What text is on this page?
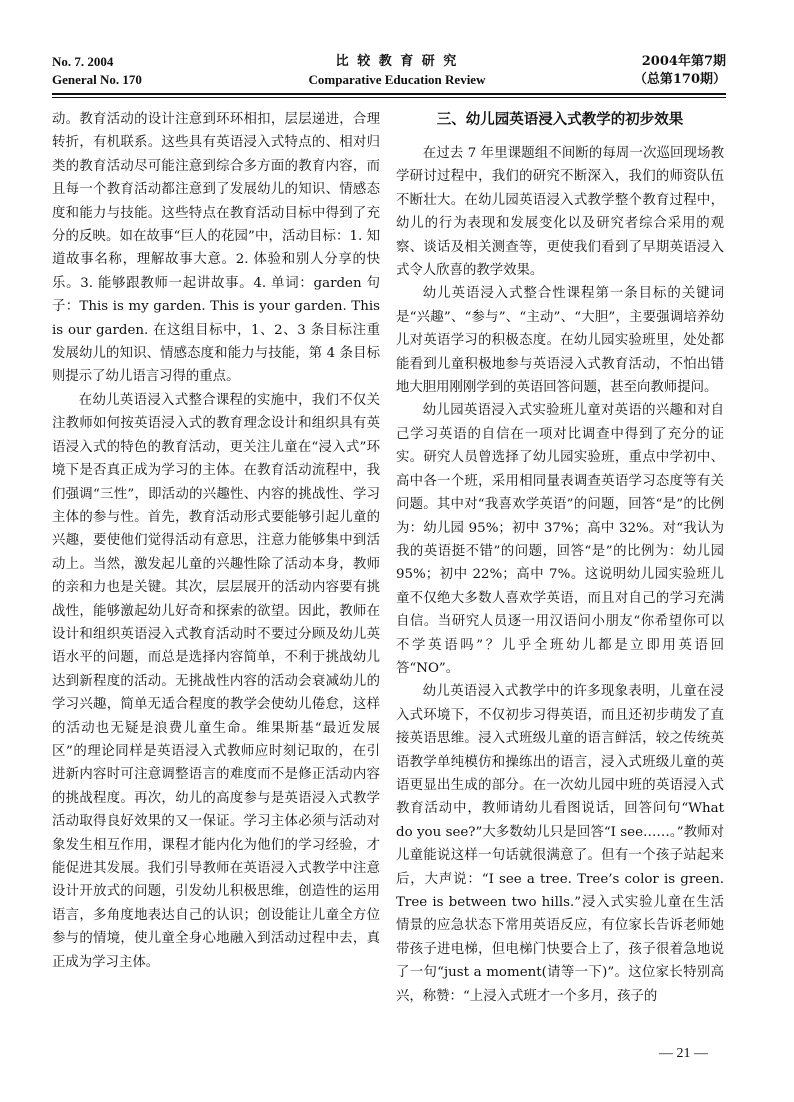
No. 7. 2004
General No. 170
比 较 教 育 研 究
Comparative Education Review
2004年第7期
（总第170期）

动。教育活动的设计注意到环环相扣，层层递进，合理转折，有机联系。这些具有英语浸入式特点的、相对归类的教育活动尽可能注意到综合多方面的教育内容，而且每一个教育活动都注意到了发展幼儿的知识、情感态度和能力与技能。这些特点在教育活动目标中得到了充分的反映。如在故事“巨人的花园”中，活动目标：1. 知道故事名称，理解故事大意。2. 体验和别人分享的快乐。3. 能够跟教师一起讲故事。4. 单词：garden 句子：This is my garden. This is your garden. This is our garden. 在这组目标中，1、2、3 条目标注重发展幼儿的知识、情感态度和能力与技能，第 4 条目标则提示了幼儿语言习得的重点。

在幼儿英语浸入式整合课程的实施中，我们不仅关注教师如何按英语浸入式的教育理念设计和组织具有英语浸入式的特色的教育活动，更关注儿童在“浸入式”环境下是否真正成为学习的主体。在教育活动流程中，我们强调“三性”，即活动的兴趣性、内容的挑战性、学习主体的参与性。首先，教育活动形式要能够引起儿童的兴趣，要使他们觉得活动有意思，注意力能够集中到活动上。当然，激发起儿童的兴趣性除了活动本身，教师的亲和力也是关键。其次，层层展开的活动内容要有挑战性，能够激起幼儿好奇和探索的欲望。因此，教师在设计和组织英语浸入式教育活动时不要过分顾及幼儿英语水平的问题，而总是选择内容简单，不利于挑战幼儿达到新程度的活动。无挑战性内容的活动会衰减幼儿的学习兴趣，简单无适合程度的教学会使幼儿倦怠，这样的活动也无疑是浪费儿童生命。维果斯基“最近发展区”的理论同样是英语浸入式教师应时刻记取的，在引进新内容时可注意调整语言的难度而不是修正活动内容的挑战程度。再次，幼儿的高度参与是英语浸入式教学活动取得良好效果的又一保证。学习主体必须与活动对象发生相互作用，课程才能内化为他们的学习经验，才能促进其发展。我们引导教师在英语浸入式教学中注意设计开放式的问题，引发幼儿积极思维，创造性的运用语言，多角度地表达自己的认识；创设能让儿童全方位参与的情境，使儿童全身心地融入到活动过程中去，真正成为学习主体。

三、幼儿园英语浸入式教学的初步效果

在过去 7 年里课题组不间断的每周一次巡回现场教学研讨过程中，我们的研究不断深入，我们的师资队伍不断壮大。在幼儿园英语浸入式教学整个教育过程中，幼儿的行为表现和发展变化以及研究者综合采用的观察、谈话及相关测查等，更使我们看到了早期英语浸入式令人欣喜的教学效果。

幼儿英语浸入式整合性课程第一条目标的关键词是“兴趣”、“参与”、“主动”、“大胆”，主要强调培养幼儿对英语学习的积极态度。在幼儿园实验班里，处处都能看到儿童积极地参与英语浸入式教育活动，不怕出错地大胆用刚刚学到的英语回答问题，甚至向教师提问。

幼儿园英语浸入式实验班儿童对英语的兴趣和对自己学习英语的自信在一项对比调查中得到了充分的证实。研究人员曾选择了幼儿园实验班，重点中学初中、高中各一个班，采用相同量表调查英语学习态度等有关问题。其中对“我喜欢学英语”的问题，回答“是”的比例为：幼儿园 95%；初中 37%；高中 32%。对“我认为我的英语挺不错”的问题，回答“是”的比例为：幼儿园 95%；初中 22%；高中 7%。这说明幼儿园实验班儿童不仅绝大多数人喜欢学英语，而且对自己的学习充满自信。当研究人员逐一用汉语问小朋友“你希望你可以不学英语吗”？儿乎全班幼儿都是立即用英语回答“NO”。

幼儿英语浸入式教学中的许多现象表明，儿童在浸入式环境下，不仅初步习得英语，而且还初步萌发了直接英语思维。浸入式班级儿童的语言鲜活，较之传统英语教学单纯模仿和操练出的语言，浸入式班级儿童的英语更显出生成的部分。在一次幼儿园中班的英语浸入式教育活动中，教师请幼儿看图说话，回答问句“What do you see?”大多数幼儿只是回答“I see……。”教师对儿童能说这样一句话就很满意了。但有一个孩子站起来后，大声说：“I see a tree. Tree’s color is green. Tree is between two hills.”浸入式实验儿童在生活情景的应急状态下常用英语反应，有位家长告诉老师她带孩子进电梯，但电梯门快要合上了，孩子很着急地说了一句“just a moment(请等一下)”。这位家长特别高兴，称赞：“上浸入式班才一个多月，孩子的

— 21 —
